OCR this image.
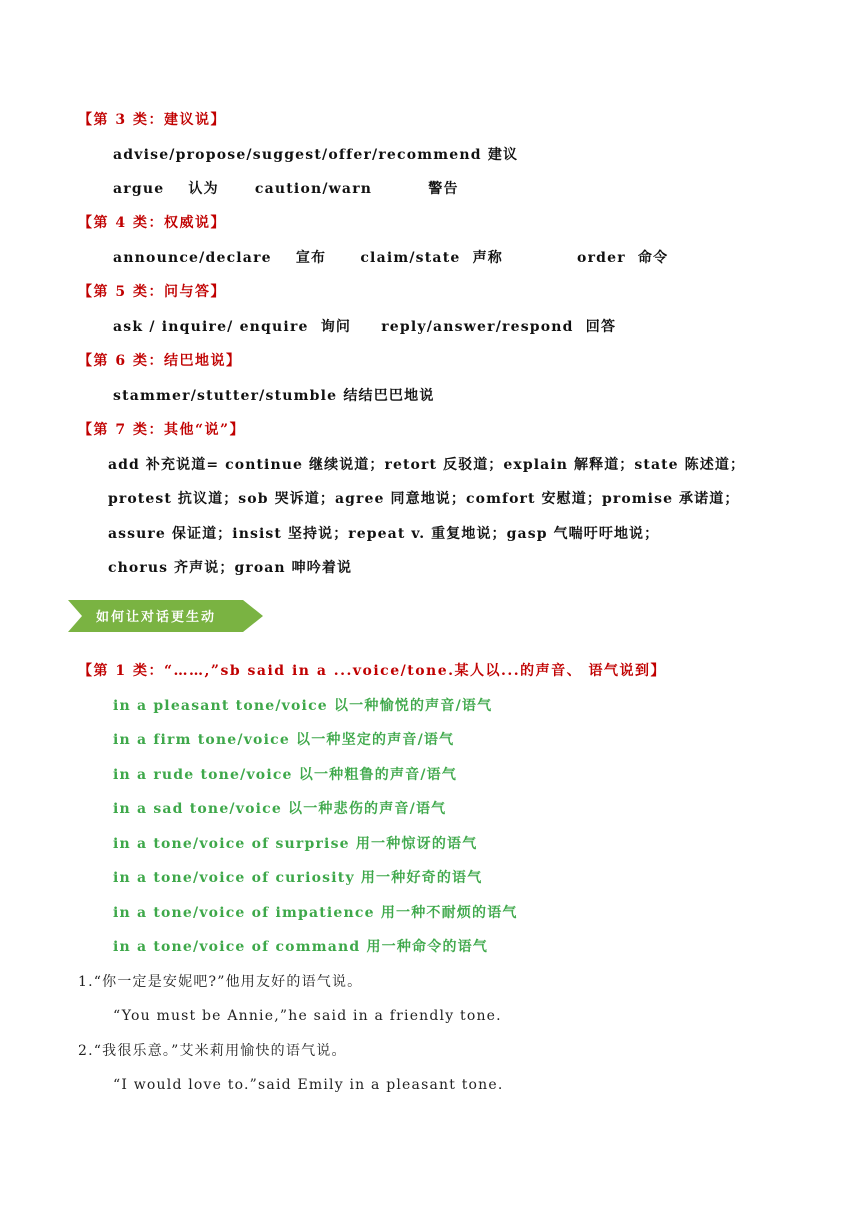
【第 3 类：建议说】
advise/propose/suggest/offer/recommend 建议
argue 认为	caution/warn	警告
【第 4 类：权威说】
announce/declare 宣布 claim/state 声称	order 命令
【第 5 类：问与答】
ask / inquire/ enquire 询问 reply/answer/respond 回答
【第 6 类：结巴地说】
stammer/stutter/stumble 结结巴巴地说
【第 7 类：其他“说”】
add 补充说道= continue 继续说道；retort 反驳道；explain 解释道；state 陈述道；
protest 抗议道；sob 哭诉道；agree 同意地说；comfort 安慰道；promise 承诺道；
assure 保证道；insist 坚持说；repeat v. 重复地说；gasp 气喘吁吁地说；
chorus 齐声说；groan 呻吟着说
如何让对话更生动
【第 1 类：“……,”sb said in a ...voice/tone.某人以...的声音、 语气说到】
in a pleasant tone/voice 以一种愉悦的声音/语气
in a firm tone/voice 以一种坚定的声音/语气
in a rude tone/voice 以一种粗鲁的声音/语气
in a sad tone/voice 以一种悲伤的声音/语气
in a tone/voice of surprise 用一种惊讶的语气
in a tone/voice of curiosity 用一种好奇的语气
in a tone/voice of impatience 用一种不耐烦的语气
in a tone/voice of command 用一种命令的语气
1.“你一定是安妮吧?”他用友好的语气说。
“You must be Annie,”he said in a friendly tone.
2.“我很乐意。”艾米莉用愉快的语气说。
“I would love to.”said Emily in a pleasant tone.
